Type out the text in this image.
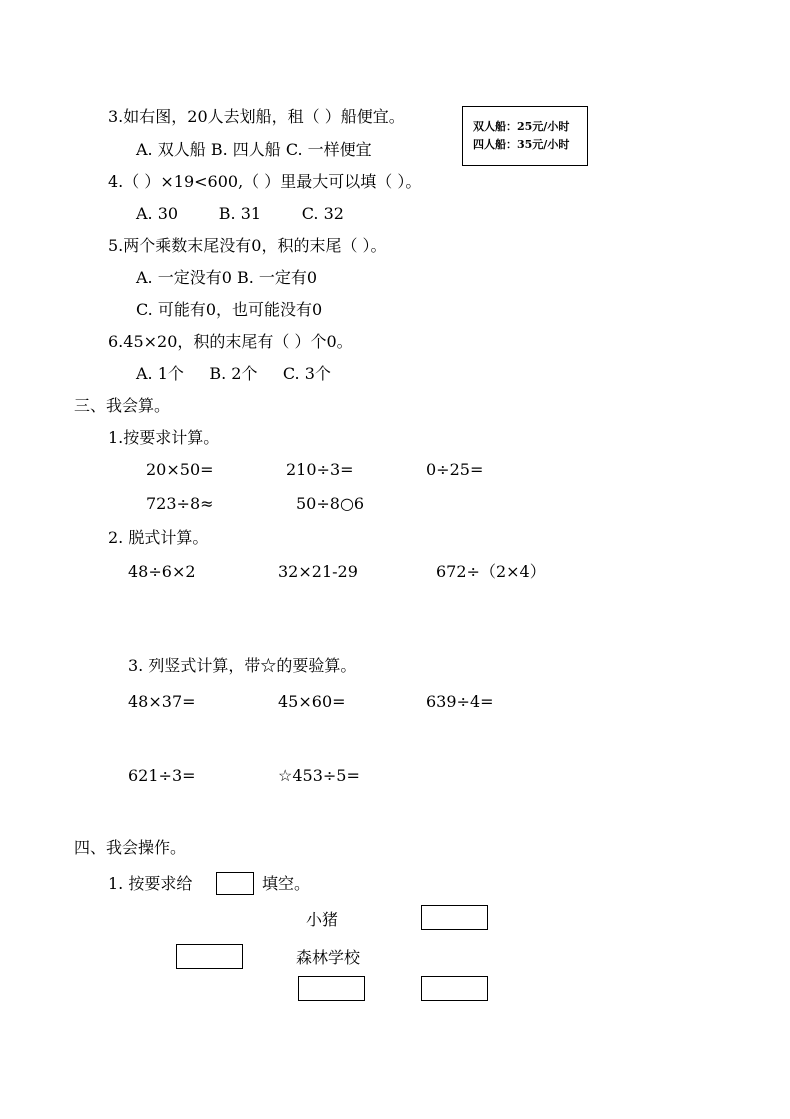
3.如右图，20人去划船，租（ ）船便宜。
双人船：25元/小时
四人船：35元/小时
A. 双人船 B. 四人船 C. 一样便宜
4.（ ）×19<600,（ ）里最大可以填（ ）。
A. 30        B. 31        C. 32
5.两个乘数末尾没有0，积的末尾（ ）。
A. 一定没有0 B. 一定有0
C. 可能有0，也可能没有0
6.45×20，积的末尾有（ ）个0。
A. 1个     B. 2个     C. 3个
三、我会算。
1.按要求计算。
20×50=	210÷3=	0÷25=
723÷8≈	50÷8○6
2. 脱式计算。
48÷6×2	32×21-29	672÷（2×4）
3. 列竖式计算，带☆的要验算。
48×37=	45×60=	639÷4=
621÷3=	☆453÷5=
四、我会操作。
1. 按要求给	填空。
小猪
森林学校
